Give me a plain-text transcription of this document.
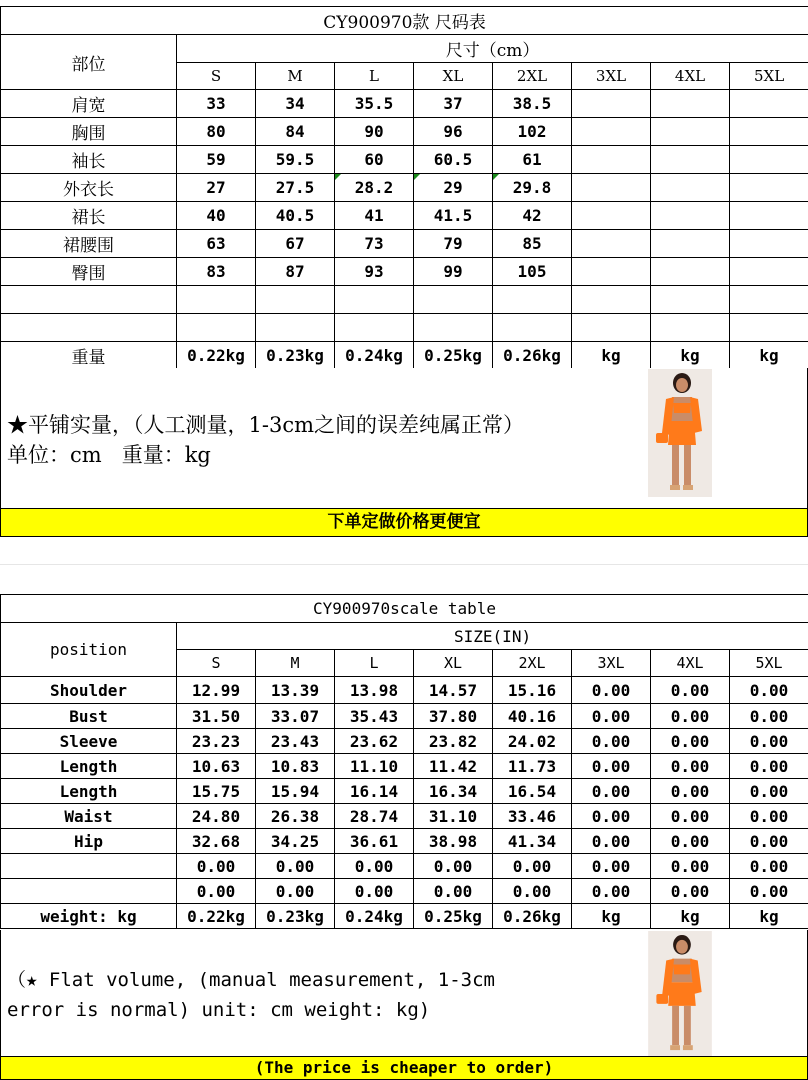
CY900970款 尺码表								
部位	尺寸（cm）							
	S	M	L	XL	2XL	3XL	4XL	5XL
肩宽	33	34	35.5	37	38.5			
胸围	80	84	90	96	102			
袖长	59	59.5	60	60.5	61			
外衣长	27	27.5	28.2	29	29.8

裙长	40	40.5	41	41.5	42			
裙腰围	63	67	73	79	85			
臀围	83	87	93	99	105			

重量	0.22kg	0.23kg	0.24kg	0.25kg	0.26kg	kg	kg	kg
★平铺实量，（人工测量，1-3cm之间的误差纯属正常）
单位：cm   重量：kg
下单定做价格更便宜
CY900970scale table								
position	SIZE(IN)							
	S	M	L	XL	2XL	3XL	4XL	5XL
Shoulder	12.99	13.39	13.98	14.57	15.16	0.00	0.00	0.00
Bust	31.50	33.07	35.43	37.80	40.16	0.00	0.00	0.00
Sleeve	23.23	23.43	23.62	23.82	24.02	0.00	0.00	0.00
Length	10.63	10.83	11.10	11.42	11.73	0.00	0.00	0.00
Length	15.75	15.94	16.14	16.34	16.54	0.00	0.00	0.00
Waist	24.80	26.38	28.74	31.10	33.46	0.00	0.00	0.00
Hip	32.68	34.25	36.61	38.98	41.34	0.00	0.00	0.00
	0.00	0.00	0.00	0.00	0.00	0.00	0.00	0.00
	0.00	0.00	0.00	0.00	0.00	0.00	0.00	0.00
weight: kg	0.22kg	0.23kg	0.24kg	0.25kg	0.26kg	kg	kg	kg
（★ Flat volume, (manual measurement, 1-3cm
error is normal) unit: cm weight: kg)
(The price is cheaper to order)
